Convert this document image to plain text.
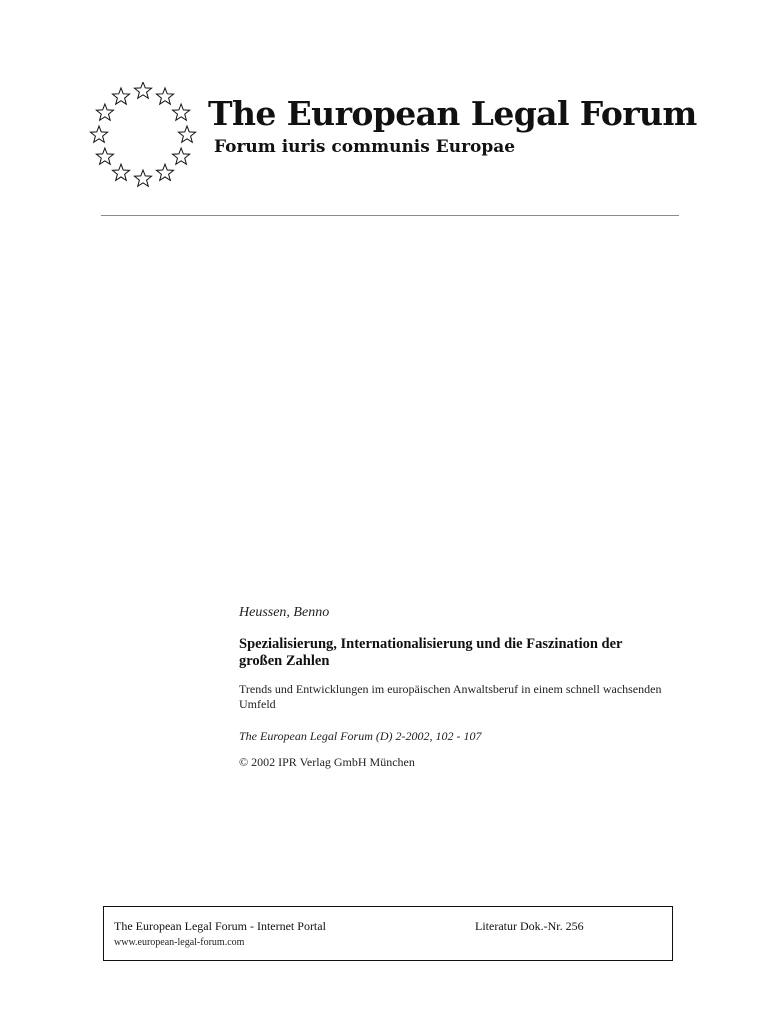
The European Legal Forum
Forum iuris communis Europae
Heussen, Benno
Spezialisierung, Internationalisierung und die Faszination der großen Zahlen
Trends und Entwicklungen im europäischen Anwaltsberuf in einem schnell wachsenden Umfeld
The European Legal Forum (D) 2-2002, 102 - 107
© 2002 IPR Verlag GmbH München
The European Legal Forum - Internet Portal
www.european-legal-forum.com
Literatur Dok.-Nr. 256
